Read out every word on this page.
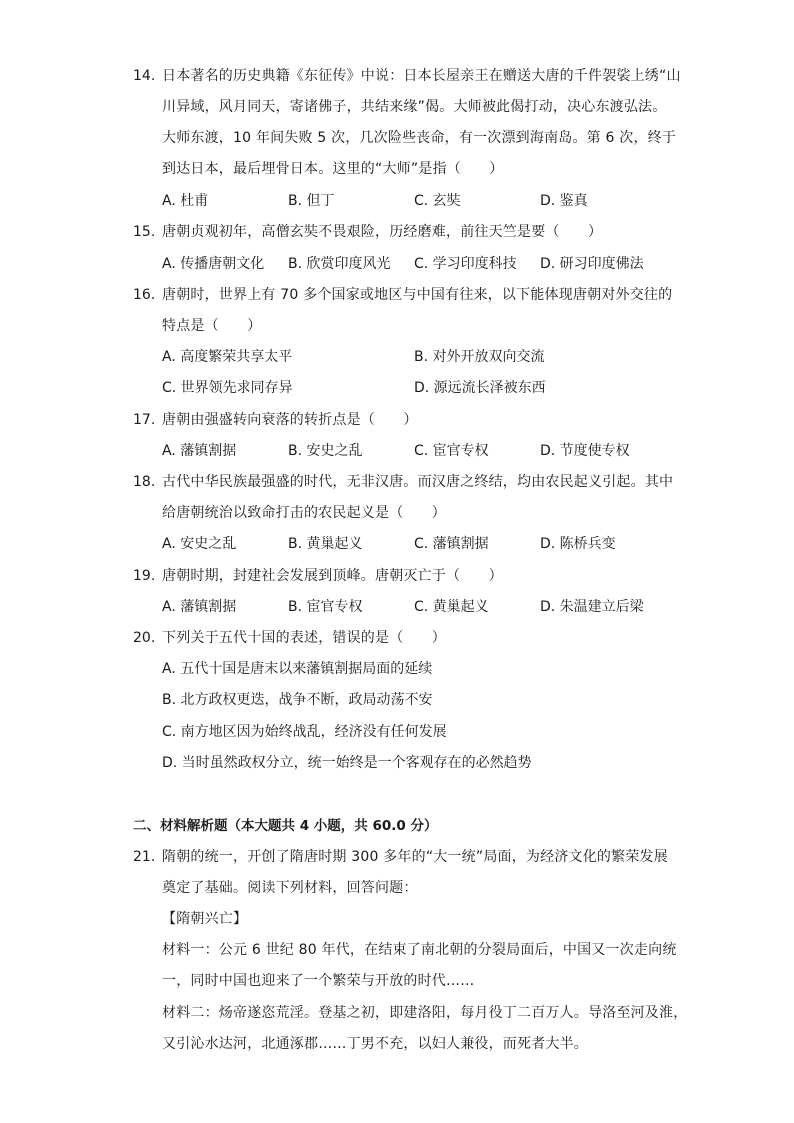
14. 日本著名的历史典籍《东征传》中说：日本长屋亲王在赠送大唐的千件袈裟上绣“山
川异域，风月同天，寄诸佛子，共结来缘”偈。大师被此偈打动，决心东渡弘法。
大师东渡，10 年间失败 5 次，几次险些丧命，有一次漂到海南岛。第 6 次，终于
到达日本，最后埋骨日本。这里的“大师”是指（　　）
A. 杜甫	B. 但丁	C. 玄奘	D. 鉴真
15. 唐朝贞观初年，高僧玄奘不畏艰险，历经磨难，前往天竺是要（　　）
A. 传播唐朝文化 B. 欣赏印度风光 C. 学习印度科技 D. 研习印度佛法
16. 唐朝时，世界上有 70 多个国家或地区与中国有往来，以下能体现唐朝对外交往的
特点是（　　）
A. 高度繁荣共享太平	B. 对外开放双向交流
C. 世界领先求同存异	D. 源远流长泽被东西
17. 唐朝由强盛转向衰落的转折点是（　　）
A. 藩镇割据	B. 安史之乱	C. 宦官专权	D. 节度使专权
18. 古代中华民族最强盛的时代，无非汉唐。而汉唐之终结，均由农民起义引起。其中
给唐朝统治以致命打击的农民起义是（　　）
A. 安史之乱	B. 黄巢起义	C. 藩镇割据	D. 陈桥兵变
19. 唐朝时期，封建社会发展到顶峰。唐朝灭亡于（　　）
A. 藩镇割据	B. 宦官专权	C. 黄巢起义	D. 朱温建立后梁
20. 下列关于五代十国的表述，错误的是（　　）
A. 五代十国是唐末以来藩镇割据局面的延续
B. 北方政权更迭，战争不断，政局动荡不安
C. 南方地区因为始终战乱，经济没有任何发展
D. 当时虽然政权分立，统一始终是一个客观存在的必然趋势
二、材料解析题（本大题共 4 小题，共 60.0 分）
21. 隋朝的统一，开创了隋唐时期 300 多年的“大一统”局面，为经济文化的繁荣发展
奠定了基础。阅读下列材料，回答问题：
【隋朝兴亡】
材料一：公元 6 世纪 80 年代，在结束了南北朝的分裂局面后，中国又一次走向统
一，同时中国也迎来了一个繁荣与开放的时代……
材料二：炀帝遂恣荒淫。登基之初，即建洛阳，每月役丁二百万人。导洛至河及淮，
又引沁水达河，北通涿郡……丁男不充，以妇人兼役，而死者大半。
